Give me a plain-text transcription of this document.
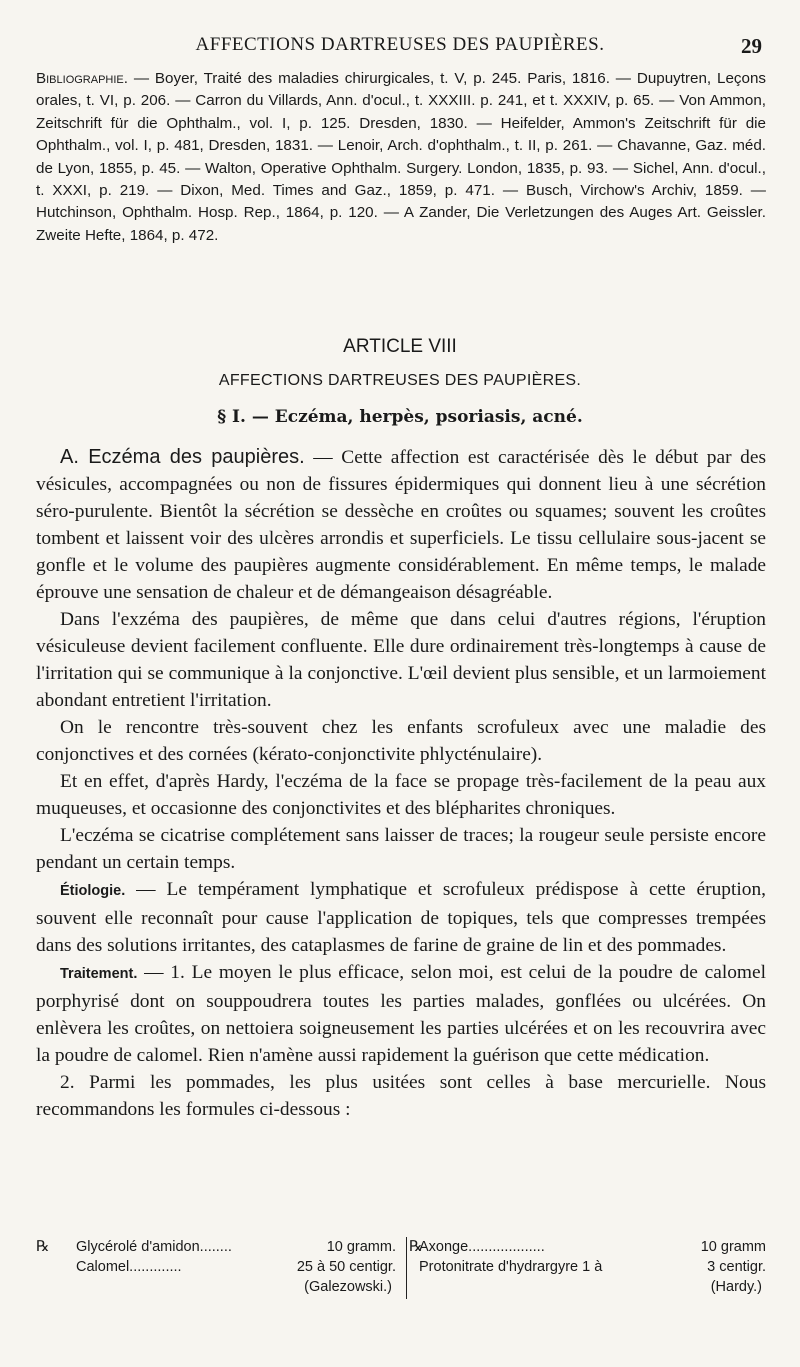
AFFECTIONS DARTREUSES DES PAUPIÈRES.	29
Bibliographie. — Boyer, Traité des maladies chirurgicales, t. V, p. 245. Paris, 1816. — Dupuytren, Leçons orales, t. VI, p. 206. — Carron du Villards, Ann. d'ocul., t. XXXIII. p. 241, et t. XXXIV, p. 65. — Von Ammon, Zeitschrift für die Ophthalm., vol. I, p. 125. Dresden, 1830. — Heifelder, Ammon's Zeitschrift für die Ophthalm., vol. I, p. 481, Dresden, 1831. — Lenoir, Arch. d'ophthalm., t. II, p. 261. — Chavanne, Gaz. méd. de Lyon, 1855, p. 45. — Walton, Operative Ophthalm. Surgery. London, 1835, p. 93. — Sichel, Ann. d'ocul., t. XXXI, p. 219. — Dixon, Med. Times and Gaz., 1859, p. 471. — Busch, Virchow's Archiv, 1859. — Hutchinson, Ophthalm. Hosp. Rep., 1864, p. 120. — A Zander, Die Verletzungen des Auges Art. Geissler. Zweite Hefte, 1864, p. 472.
ARTICLE VIII
AFFECTIONS DARTREUSES DES PAUPIÈRES.
§ I. — Eczéma, herpès, psoriasis, acné.

A. Eczéma des paupières. — Cette affection est caractérisée dès le début par des vésicules, accompagnées ou non de fissures épidermiques qui donnent lieu à une sécrétion séro-purulente. Bientôt la sécrétion se dessèche en croûtes ou squames; souvent les croûtes tombent et laissent voir des ulcères arrondis et superficiels. Le tissu cellulaire sous-jacent se gonfle et le volume des paupières augmente considérablement. En même temps, le malade éprouve une sensation de chaleur et de démangeaison désagréable.

Dans l'exzéma des paupières, de même que dans celui d'autres régions, l'éruption vésiculeuse devient facilement confluente. Elle dure ordinairement très-longtemps à cause de l'irritation qui se communique à la conjonctive. L'œil devient plus sensible, et un larmoiement abondant entretient l'irritation.

On le rencontre très-souvent chez les enfants scrofuleux avec une maladie des conjonctives et des cornées (kérato-conjonctivite phlycténulaire).

Et en effet, d'après Hardy, l'eczéma de la face se propage très-facilement de la peau aux muqueuses, et occasionne des conjonctivites et des blépharites chroniques.

L'eczéma se cicatrise complétement sans laisser de traces; la rougeur seule persiste encore pendant un certain temps.

Étiologie. — Le tempérament lymphatique et scrofuleux prédispose à cette éruption, souvent elle reconnaît pour cause l'application de topiques, tels que compresses trempées dans des solutions irritantes, des cataplasmes de farine de graine de lin et des pommades.

Traitement. — 1. Le moyen le plus efficace, selon moi, est celui de la poudre de calomel porphyrisé dont on souppoudrera toutes les parties malades, gonflées ou ulcérées. On enlèvera les croûtes, on nettoiera soigneusement les parties ulcérées et on les recouvrira avec la poudre de calomel. Rien n'amène aussi rapidement la guérison que cette médication.

2. Parmi les pommades, les plus usitées sont celles à base mercurielle. Nous recommandons les formules ci-dessous :

℞ Glycérolé d'amidon........	10 gramm.
Calomel.............	25 à 50 centigr.
(Galezowski.)
℞
Axonge...................	10 gramm
Protonitrate d'hydrargyre 1 à	3 centigr.
(Hardy.)
